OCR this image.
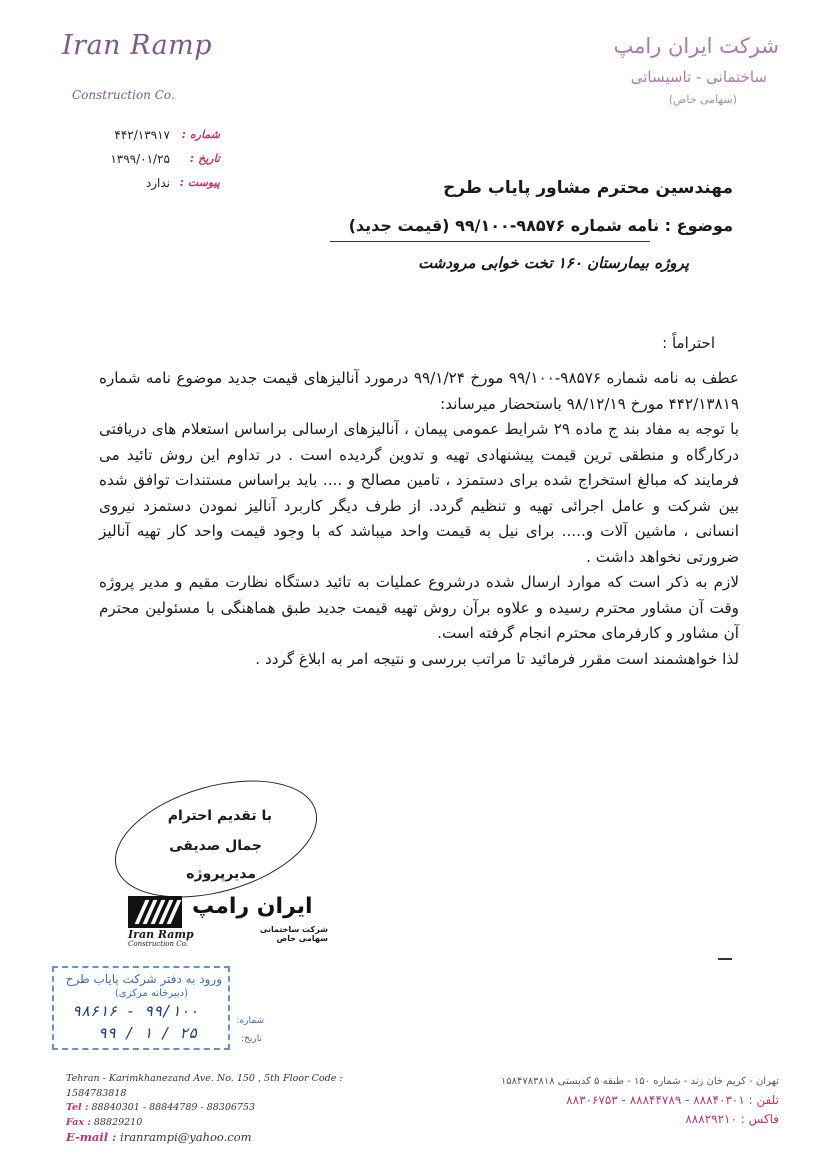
Iran Ramp
Construction Co.
شرکت ایران رامپ
ساختمانی - تاسیساتی
(سهامی خاص)
شماره :
۴۴۲/۱۳۹۱۷
تاریخ :
۱۳۹۹/۰۱/۲۵
پیوست :
ندارد	مهندسین محترم مشاور پایاب طرح
موضوع : نامه شماره ۹۸۵۷۶-۹۹/۱۰۰ (قیمت جدید)
پروژه بیمارستان ۱۶۰ تخت خوابی مرودشت
احتراماً :

عطف به نامه شماره ۹۸۵۷۶-۹۹/۱۰۰ مورخ ۹۹/۱/۲۴ درمورد آنالیزهای قیمت جدید موضوع نامه شماره ۴۴۲/۱۳۸۱۹ مورخ ۹۸/۱۲/۱۹ باستحضار میرساند:

با توجه به مفاد بند ج ماده ۲۹ شرایط عمومی پیمان ، آنالیزهای ارسالی براساس استعلام های دریافتی درکارگاه و منطقی ترین قیمت پیشنهادی تهیه و تدوین گردیده است . در تداوم این روش تائید می فرمایند که مبالغ استخراج شده برای دستمزد ، تامین مصالح و .... باید براساس مستندات توافق شده بین شرکت و عامل اجرائی تهیه و تنظیم گردد. از طرف دیگر کاربرد آنالیز نمودن دستمزد نیروی انسانی ، ماشین آلات و..... برای نیل به قیمت واحد میباشد که با وجود قیمت واحد کار تهیه آنالیز ضرورتی نخواهد داشت .

لازم به ذکر است که موارد ارسال شده درشروع عملیات به تائید دستگاه نظارت مقیم و مدیر پروژه وقت آن مشاور محترم رسیده و علاوه برآن روش تهیه قیمت جدید طبق هماهنگی با مسئولین محترم آن مشاور و کارفرمای محترم انجام گرفته است.

لذا خواهشمند است مقرر فرمائید تا مراتب بررسی و نتیجه امر به ابلاغ گردد .

با تقدیم احترام
جمال صدیقی
مدیرپروژه
ایران رامپ
شرکت ساختمانی سهامی خاص
Iran Ramp
Construction Co.
ورود به دفتر شرکت پایاب طرح
(دبیرخانه مرکزی)
۹۸۶۱۶ - ۹۹/۱۰۰
۹۹ / ۱ / ۲۵
شماره:
تاریخ:
Tehran - Karimkhanezand Ave. No. 150 , 5th Floor Code : 1584783818
Tel : 88840301 - 88844789 - 88306753
Fax : 88829210
E-mail : iranrampi@yahoo.com
تهران - کریم خان زند - شماره ۱۵۰ - طبقه ۵ کدپستی ۱۵۸۴۷۸۳۸۱۸
تلفن : ۸۸۸۴۰۳۰۱ - ۸۸۸۴۴۷۸۹ - ۸۸۳۰۶۷۵۳
فاکس : ۸۸۸۲۹۲۱۰
